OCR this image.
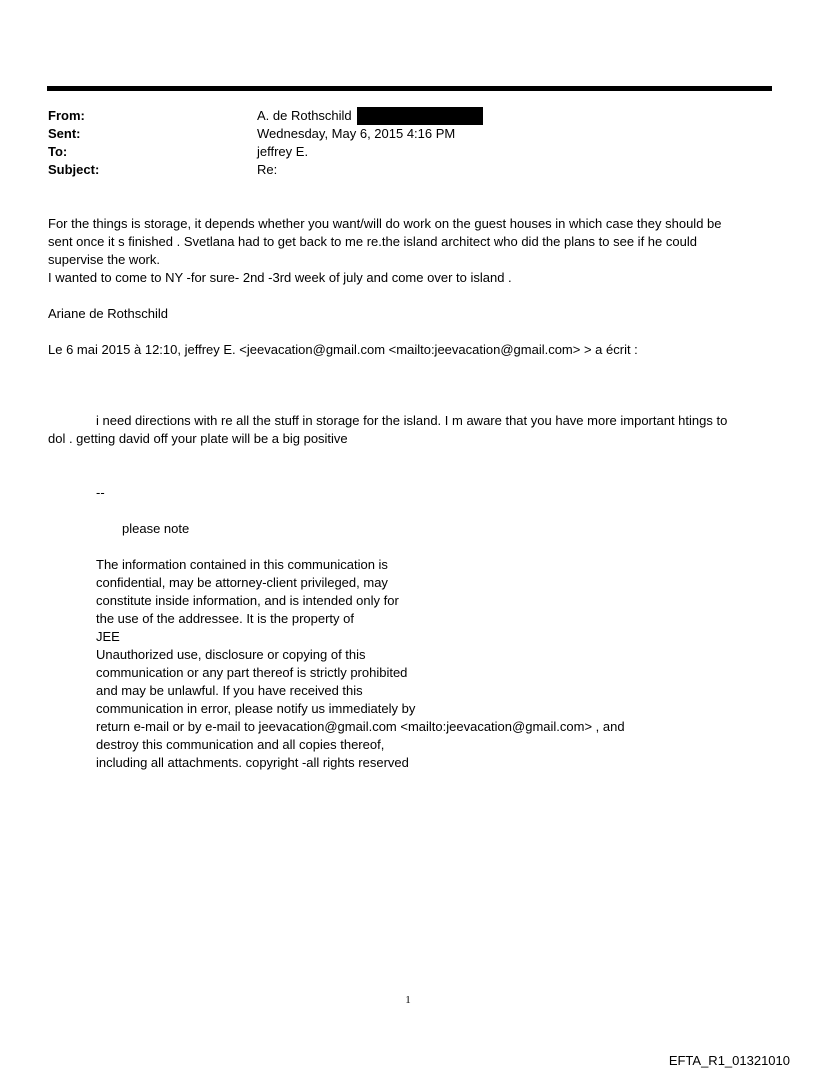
From:	A. de Rothschild
Sent:	Wednesday, May 6, 2015 4:16 PM
To:	jeffrey E.
Subject:	Re:
For the things is storage, it depends whether you want/will do work on the guest houses in which case they should be
sent once it s finished . Svetlana had to get back to me re.the island architect who did the plans to see if he could
supervise the work.
I wanted to come to NY -for sure- 2nd -3rd week of july and come over to island .
Ariane de Rothschild
Le 6 mai 2015 à 12:10, jeffrey E. <jeevacation@gmail.com <mailto:jeevacation@gmail.com> > a écrit :
i need directions with re all the stuff in storage for the island. I m aware that you have more important htings to
dol . getting david off your plate will be a big positive
--
please note
The information contained in this communication is
confidential, may be attorney-client privileged, may
constitute inside information, and is intended only for
the use of the addressee. It is the property of
JEE
Unauthorized use, disclosure or copying of this
communication or any part thereof is strictly prohibited
and may be unlawful. If you have received this
communication in error, please notify us immediately by
return e-mail or by e-mail to jeevacation@gmail.com <mailto:jeevacation@gmail.com> , and
destroy this communication and all copies thereof,
including all attachments. copyright -all rights reserved
1
EFTA_R1_01321010
